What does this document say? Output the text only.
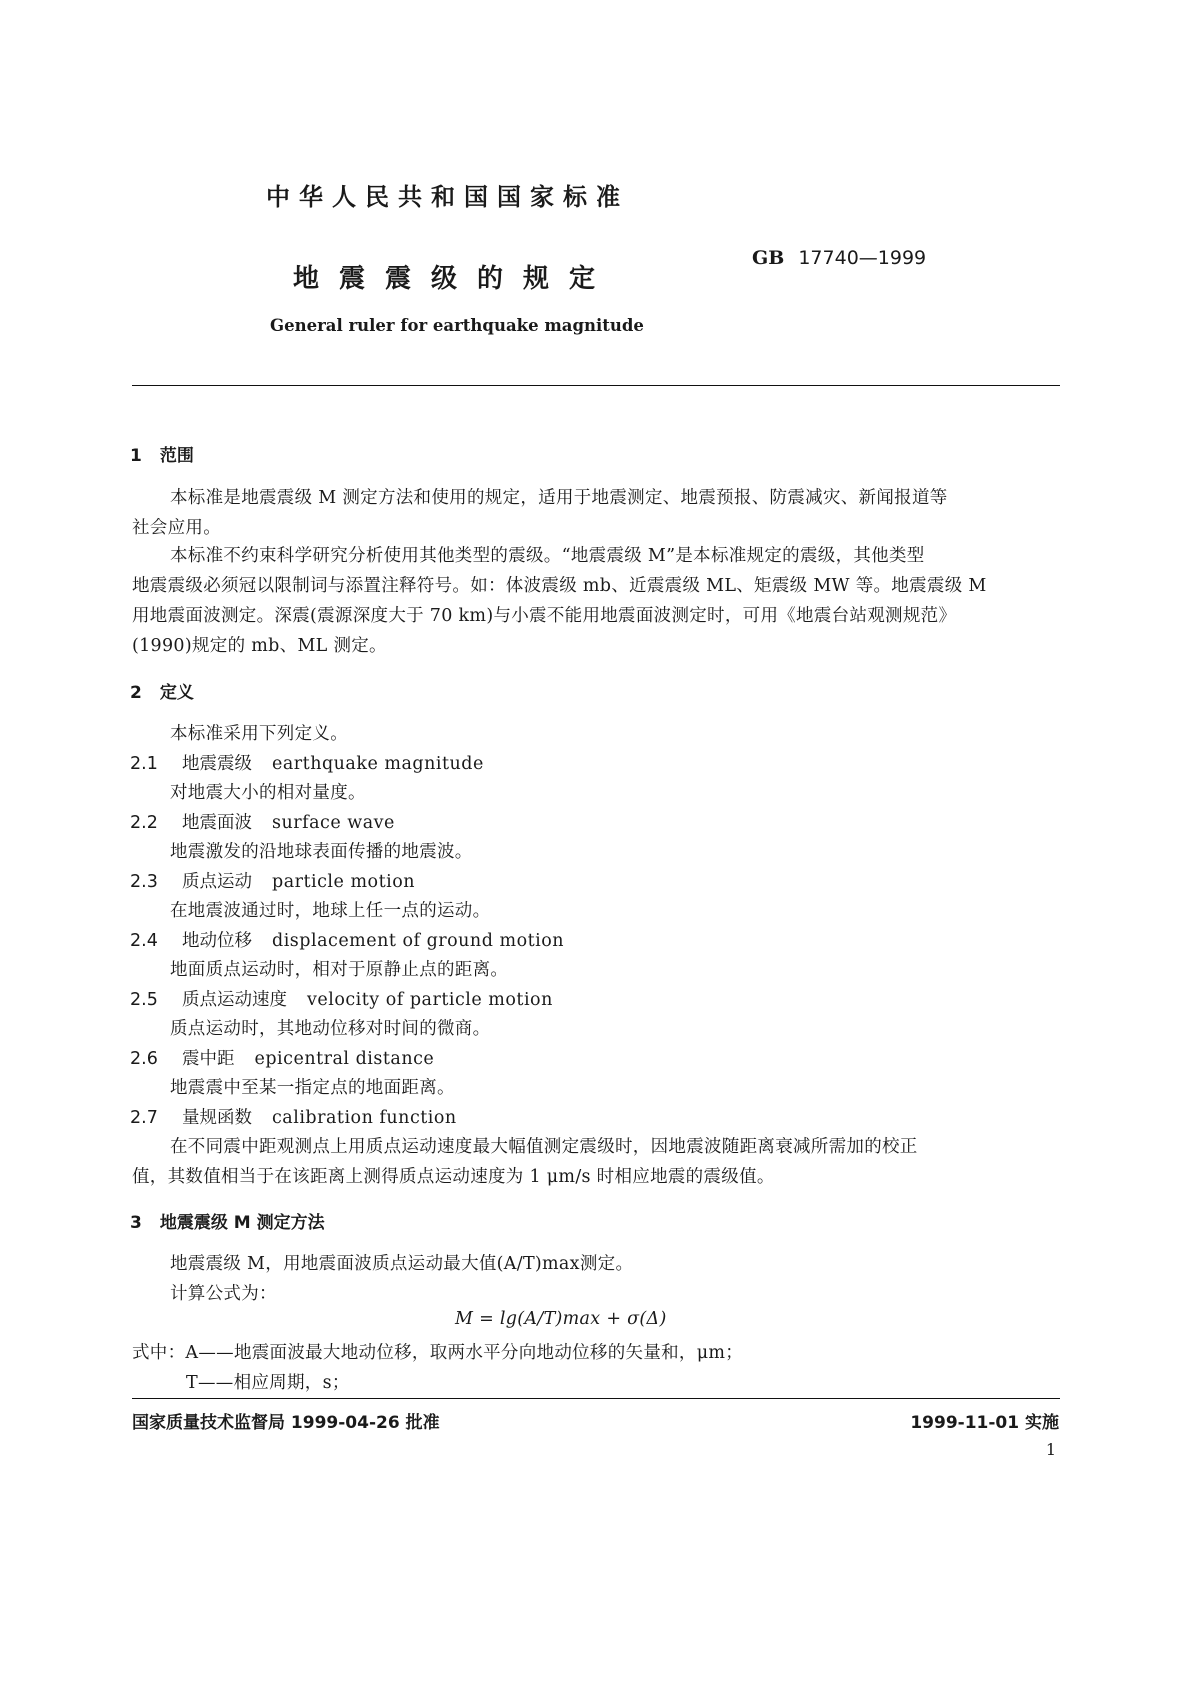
中华人民共和国国家标准
地震震级的规定
GB 17740—1999
General ruler for earthquake magnitude
1 范围
本标准是地震震级 M 测定方法和使用的规定，适用于地震测定、地震预报、防震减灾、新闻报道等
社会应用。
本标准不约束科学研究分析使用其他类型的震级。“地震震级 M”是本标准规定的震级，其他类型
地震震级必须冠以限制词与添置注释符号。如：体波震级 mb、近震震级 ML、矩震级 MW 等。地震震级 M
用地震面波测定。深震(震源深度大于 70 km)与小震不能用地震面波测定时，可用《地震台站观测规范》
(1990)规定的 mb、ML 测定。
2 定义
本标准采用下列定义。
2.1 地震震级 earthquake magnitude
对地震大小的相对量度。
2.2 地震面波 surface wave
地震激发的沿地球表面传播的地震波。
2.3 质点运动 particle motion
在地震波通过时，地球上任一点的运动。
2.4 地动位移 displacement of ground motion
地面质点运动时，相对于原静止点的距离。
2.5 质点运动速度 velocity of particle motion
质点运动时，其地动位移对时间的微商。
2.6 震中距 epicentral distance
地震震中至某一指定点的地面距离。
2.7 量规函数 calibration function
在不同震中距观测点上用质点运动速度最大幅值测定震级时，因地震波随距离衰减所需加的校正
值，其数值相当于在该距离上测得质点运动速度为 1 μm/s 时相应地震的震级值。
3 地震震级 M 测定方法
地震震级 M，用地震面波质点运动最大值(A/T)max测定。
计算公式为：
M = lg(A/T)max + σ(Δ)
式中：A——地震面波最大地动位移，取两水平分向地动位移的矢量和，μm；
T——相应周期，s；
国家质量技术监督局 1999-04-26 批准	1999-11-01 实施
1
